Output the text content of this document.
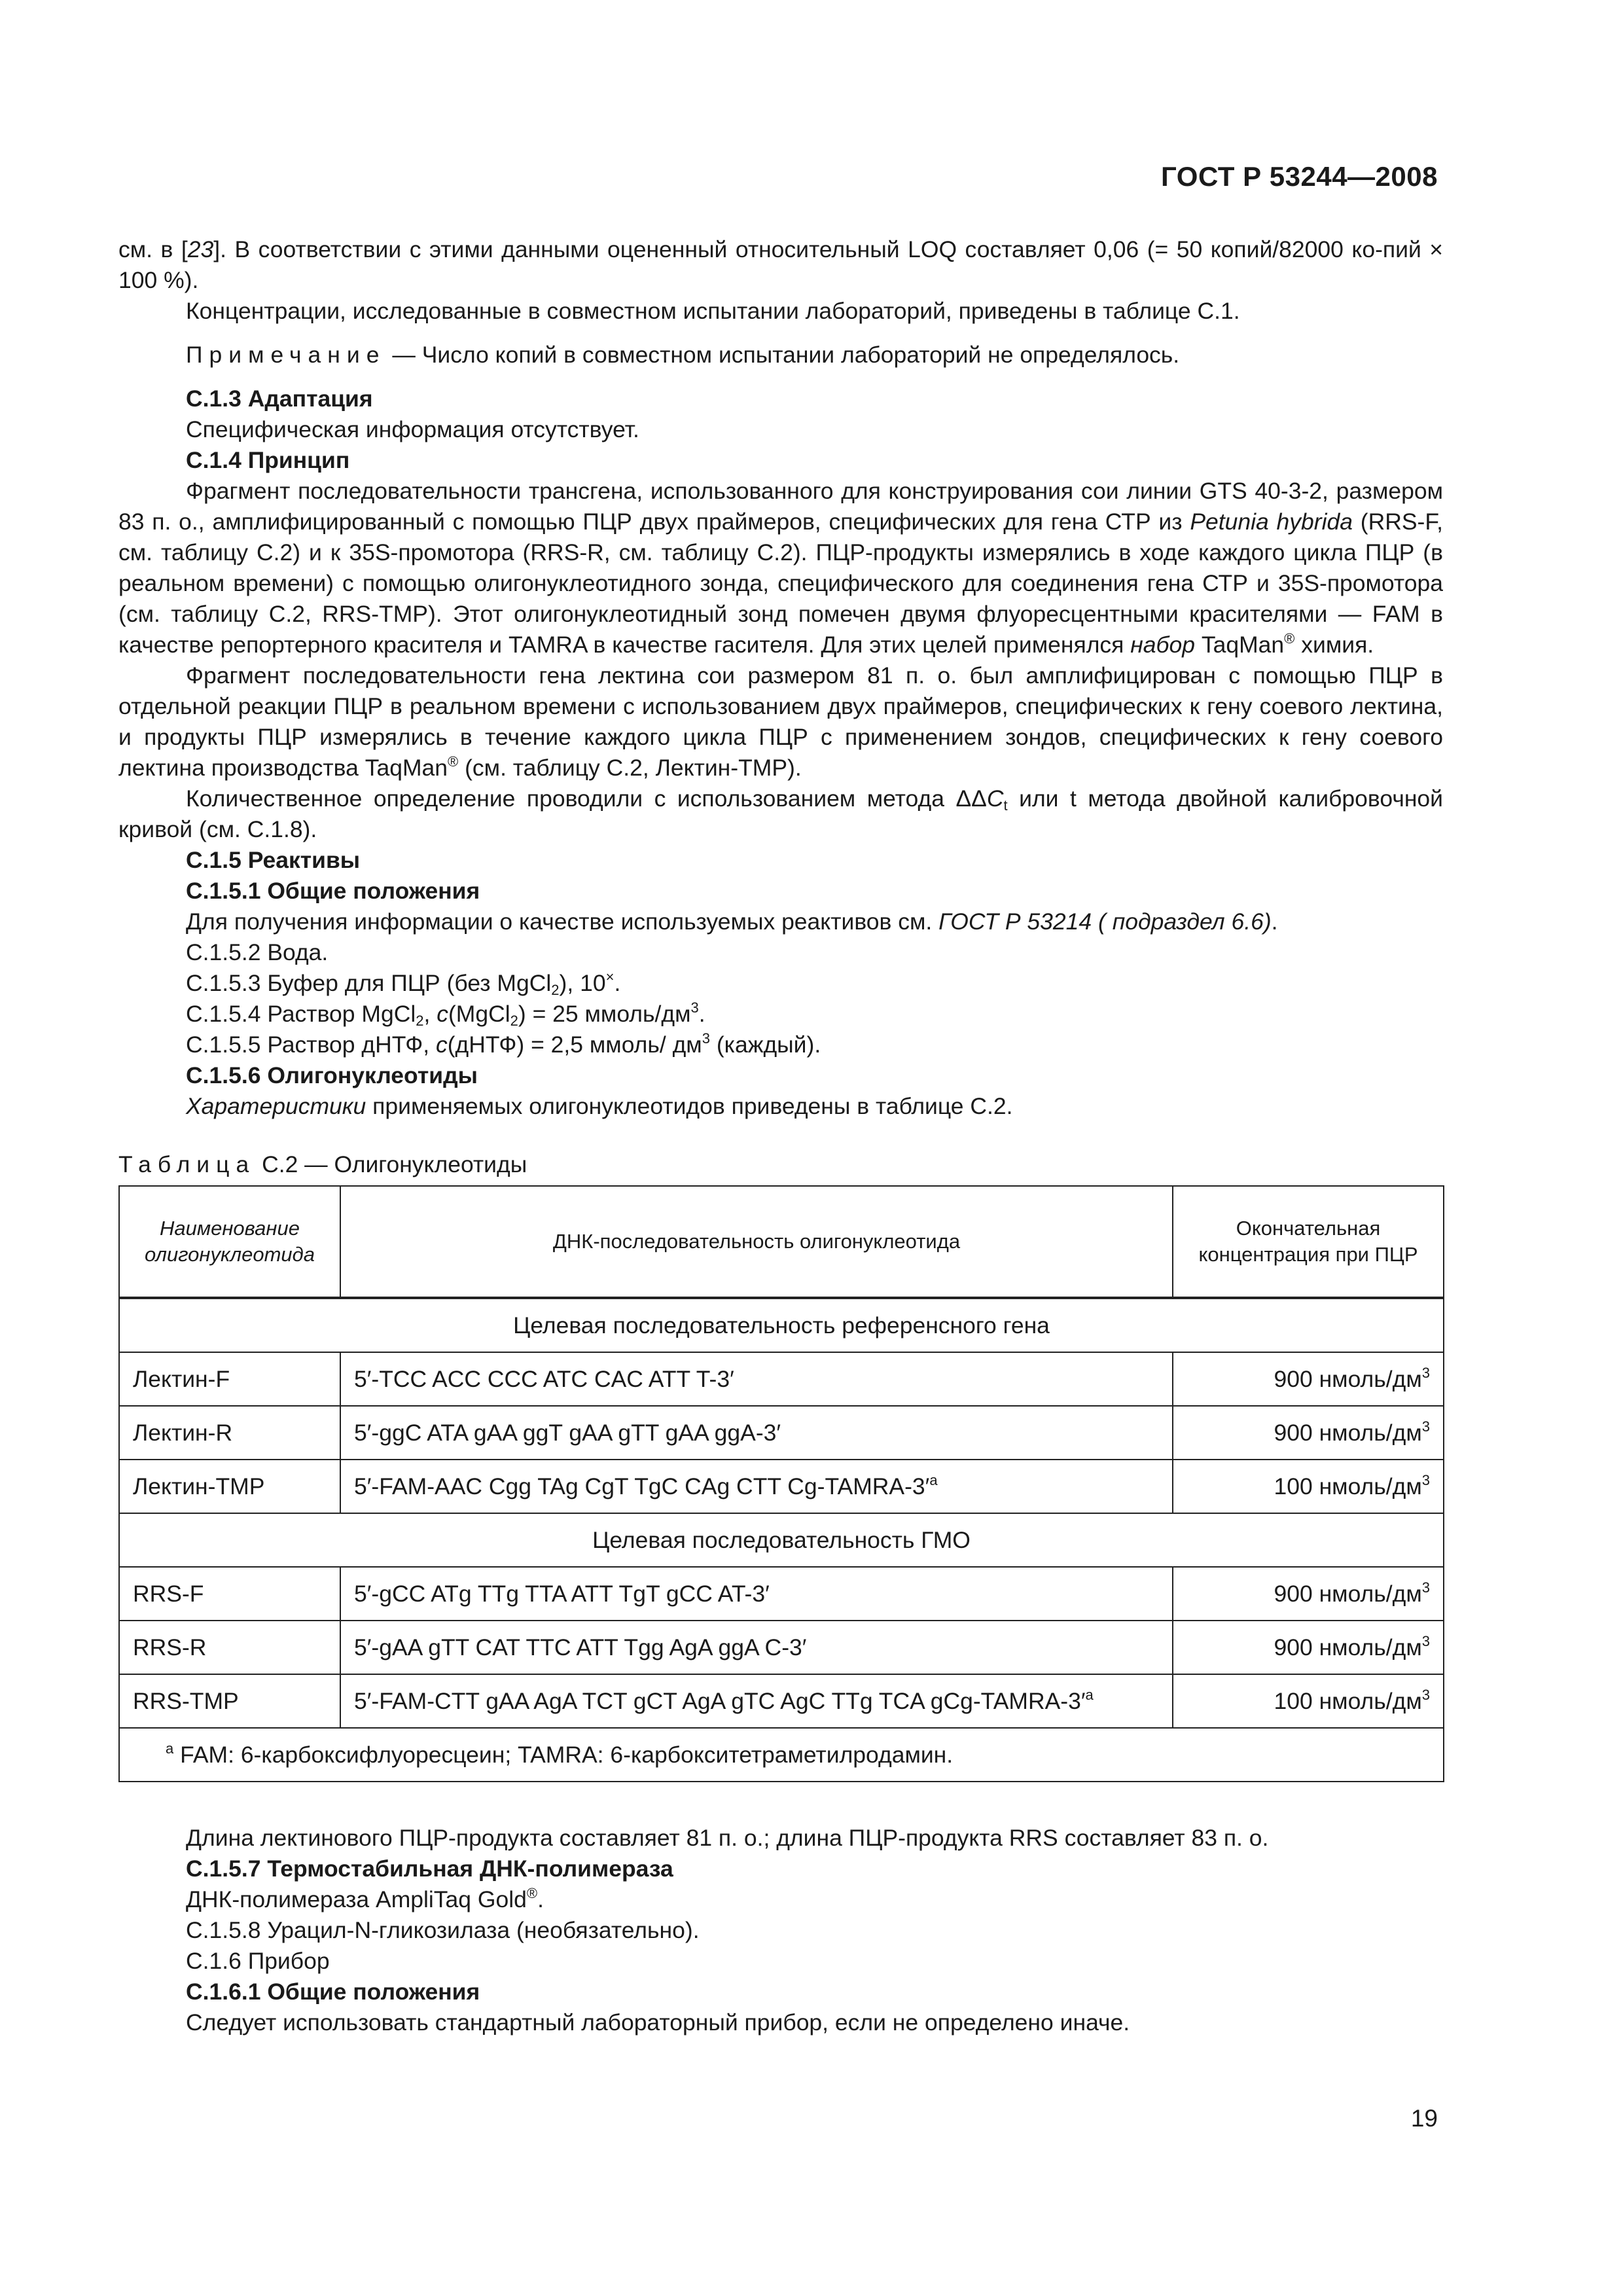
ГОСТ Р 53244—2008

см. в [23]. В соответствии с этими данными оцененный относительный LOQ составляет 0,06 (= 50 копий/82000 ко-пий × 100 %).

Концентрации, исследованные в совместном испытании лабораторий, приведены в таблице С.1.

Примечание — Число копий в совместном испытании лабораторий не определялось.

С.1.3 Адаптация

Специфическая информация отсутствует.

С.1.4 Принцип

Фрагмент последовательности трансгена, использованного для конструирования сои линии GTS 40-3-2, размером 83 п. о., амплифицированный с помощью ПЦР двух праймеров, специфических для гена СТР из Petunia hybrida (RRS-F, см. таблицу С.2) и к 35S-промотора (RRS-R, см. таблицу С.2). ПЦР-продукты измерялись в ходе каждого цикла ПЦР (в реальном времени) с помощью олигонуклеотидного зонда, специфического для соединения гена СТР и 35S-промотора (см. таблицу С.2, RRS-TMP). Этот олигонуклеотидный зонд помечен двумя флуоресцентными красителями — FAM в качестве репортерного красителя и TAMRA в качестве гасителя. Для этих целей применялся набор TaqMan® химия.

Фрагмент последовательности гена лектина сои размером 81 п. о. был амплифицирован с помощью ПЦР в отдельной реакции ПЦР в реальном времени с использованием двух праймеров, специфических к гену соевого лектина, и продукты ПЦР измерялись в течение каждого цикла ПЦР с применением зондов, специфических к гену соевого лектина производства TaqMan® (см. таблицу С.2, Лектин-TMP).

Количественное определение проводили с использованием метода $\Delta\Delta C_t$ или t метода двойной калибровочной кривой (см. С.1.8).

С.1.5 Реактивы

С.1.5.1 Общие положения

Для получения информации о качестве используемых реактивов см. ГОСТ Р 53214 ( подраздел 6.6).

С.1.5.2 Вода.

С.1.5.3 Буфер для ПЦР (без MgCl$_2$), 10×.

С.1.5.4 Раствор MgCl$_2$, c(MgCl$_2$) = 25 ммоль/$дм^3$.

С.1.5.5 Раствор дНТФ, c(дНТФ) = 2,5 ммоль/ $дм^3$ (каждый).

С.1.5.6 Олигонуклеотиды

Харатеристики применяемых олигонуклеотидов приведены в таблице С.2.

Таблица С.2 — Олигонуклеотиды

Наименование олигонуклеотида	ДНК-последовательность олигонуклеотида	Окончательная концентрация при ПЦР
Целевая последовательность референсного гена		
Лектин-F	5′-TCC ACC CCC ATC CAC ATT T-3′	900 нмоль/$дм^3$
Лектин-R	5′-ggC ATA gAA ggT gAA gTT gAA ggA-3′	900 нмоль/$дм^3$
Лектин-TMP	5′-FAM-AAC Cgg TAg CgT TgC CAg CTT $Cg-TAMRA-3'^а$	100 нмоль/$дм^3$
Целевая последовательность ГМО		
RRS-F	5′-gCC ATg TTg TTA ATT TgT gCC AT-3′	900 нмоль/$дм^3$
RRS-R	5′-gAA gTT CAT TTC ATT Tgg AgA ggA C-3′	900 нмоль/$дм^3$
RRS-TMP	5′-FAM-CTT gAA AgA TCT gCT AgA gTC AgC TTg TCA gCg-$TAMRA-3'^а$	100 нмоль/$дм^3$
$^а$ FAM: 6-карбоксифлуоресцеин; TAMRA: 6-карбокситетраметилродамин.		

Длина лектинового ПЦР-продукта составляет 81 п. о.; длина ПЦР-продукта RRS составляет 83 п. о.

С.1.5.7 Термостабильная ДНК-полимераза

ДНК-полимераза AmpliTaq Gold®.

С.1.5.8 Урацил-N-гликозилаза (необязательно).

С.1.6 Прибор

С.1.6.1 Общие положения

Следует использовать стандартный лабораторный прибор, если не определено иначе.

19
